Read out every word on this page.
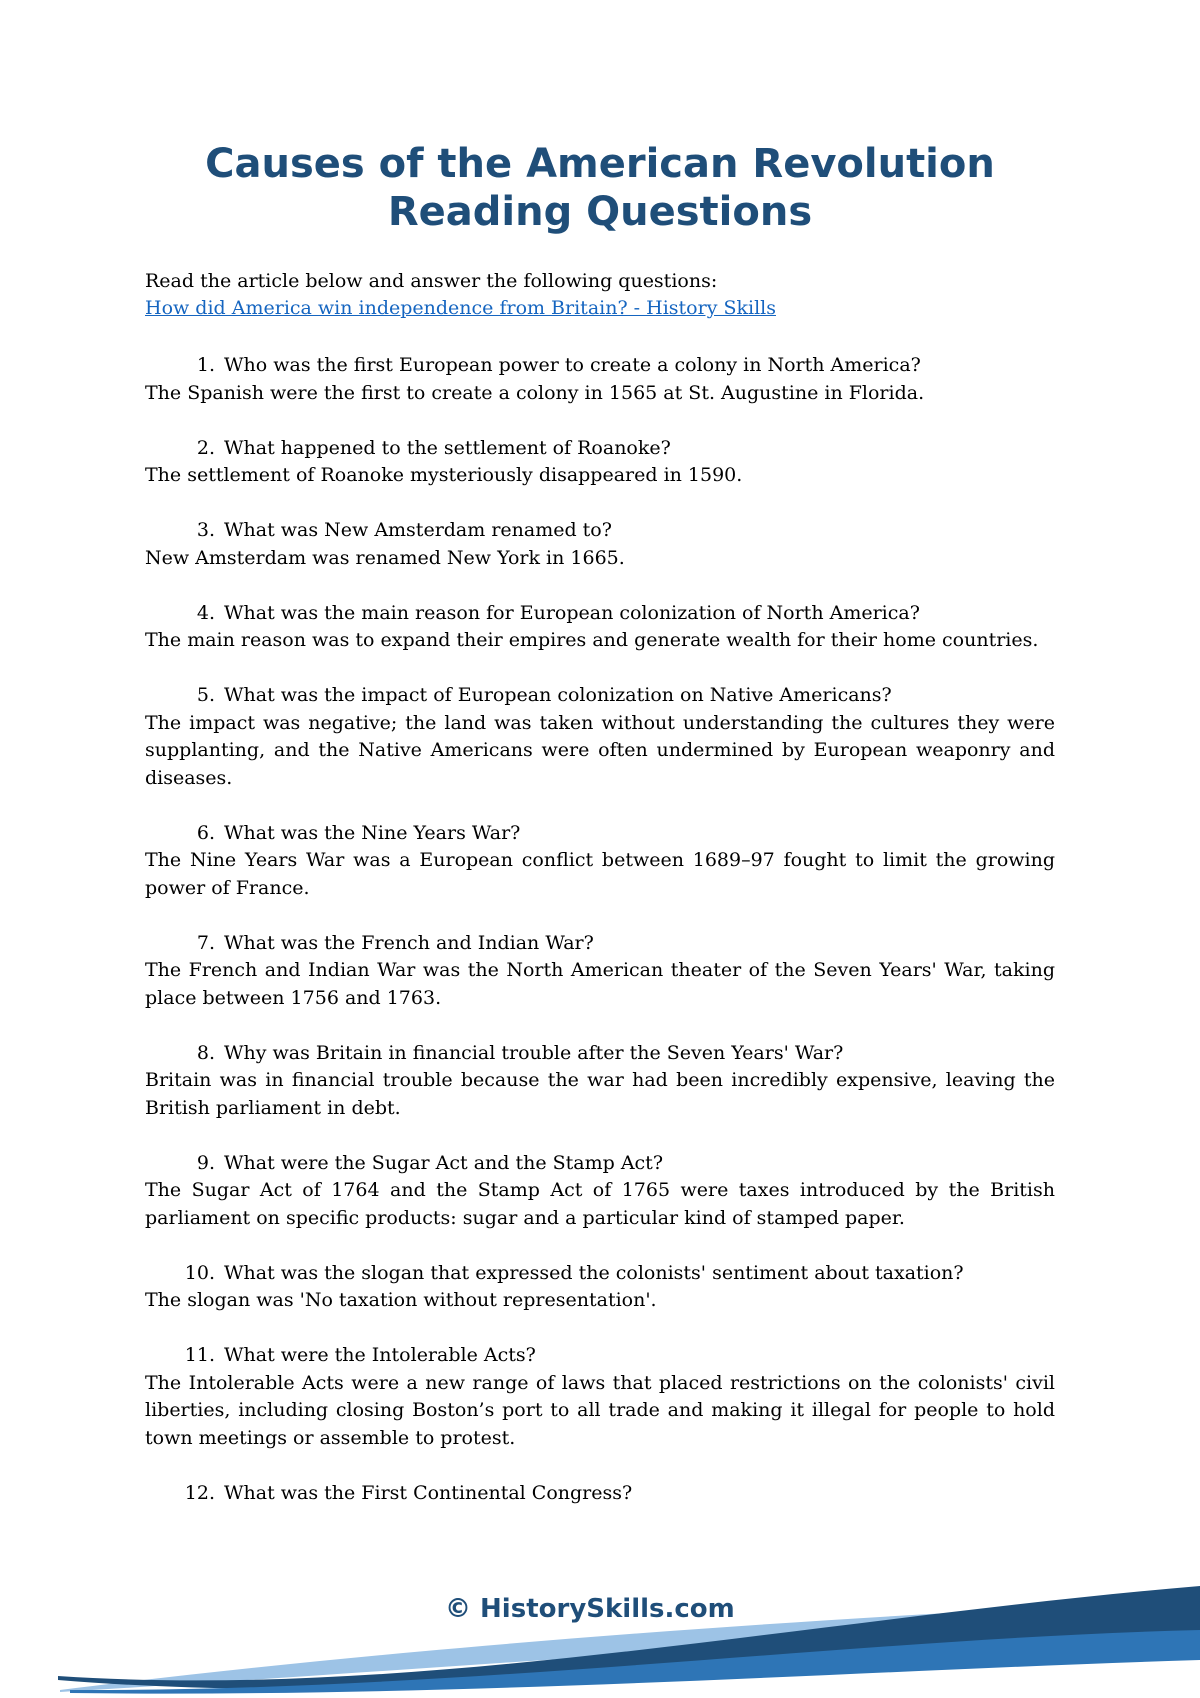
Causes of the American Revolution
Reading Questions
Read the article below and answer the following questions:
How did America win independence from Britain? - History Skills
1. Who was the first European power to create a colony in North America?
The Spanish were the first to create a colony in 1565 at St. Augustine in Florida.
2. What happened to the settlement of Roanoke?
The settlement of Roanoke mysteriously disappeared in 1590.
3. What was New Amsterdam renamed to?
New Amsterdam was renamed New York in 1665.
4. What was the main reason for European colonization of North America?
The main reason was to expand their empires and generate wealth for their home countries.
5. What was the impact of European colonization on Native Americans?
The impact was negative; the land was taken without understanding the cultures they were supplanting, and the Native Americans were often undermined by European weaponry and diseases.
6. What was the Nine Years War?
The Nine Years War was a European conflict between 1689–97 fought to limit the growing power of France.
7. What was the French and Indian War?
The French and Indian War was the North American theater of the Seven Years' War, taking place between 1756 and 1763.
8. Why was Britain in financial trouble after the Seven Years' War?
Britain was in financial trouble because the war had been incredibly expensive, leaving the British parliament in debt.
9. What were the Sugar Act and the Stamp Act?
The Sugar Act of 1764 and the Stamp Act of 1765 were taxes introduced by the British parliament on specific products: sugar and a particular kind of stamped paper.
10. What was the slogan that expressed the colonists' sentiment about taxation?
The slogan was 'No taxation without representation'.
11. What were the Intolerable Acts?
The Intolerable Acts were a new range of laws that placed restrictions on the colonists' civil liberties, including closing Boston’s port to all trade and making it illegal for people to hold town meetings or assemble to protest.
12. What was the First Continental Congress?
© HistorySkills.com
